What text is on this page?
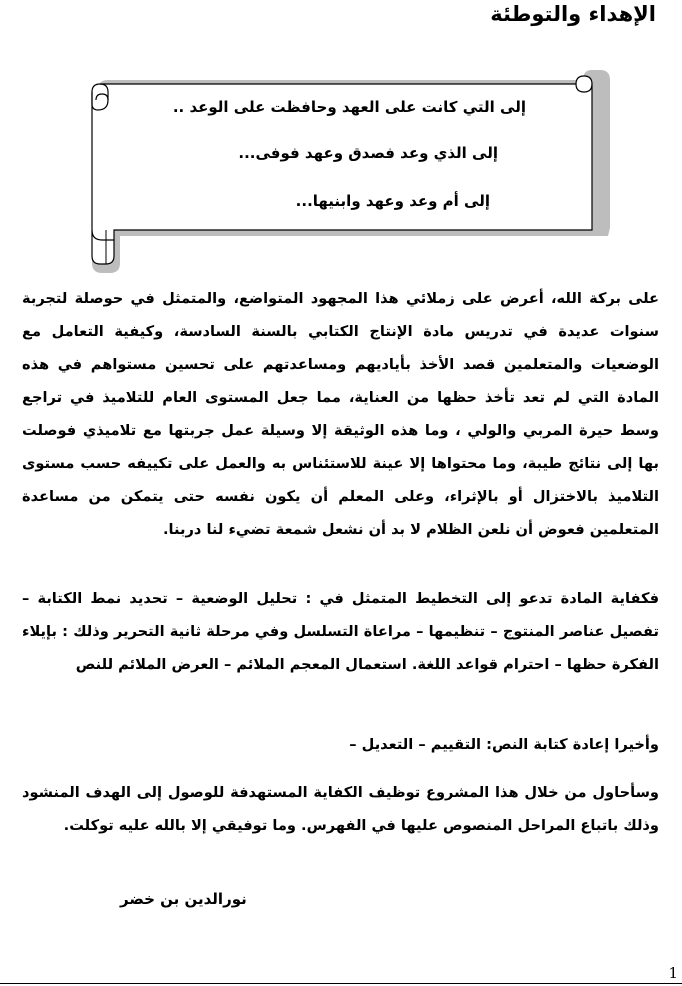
الإهداء والتوطئة
إلى التي كانت على العهد وحافظت على الوعد ..
إلى الذي وعد فصدق وعهد فوفى...
إلى أم وعد وعهد وابنيها...

على بركة الله، أعرض على زملائي هذا المجهود المتواضع، والمتمثل في حوصلة لتجربة سنوات عديدة في تدريس مادة الإنتاج الكتابي بالسنة السادسة، وكيفية التعامل مع الوضعيات والمتعلمين قصد الأخذ بأياديهم ومساعدتهم على تحسين مستواهم في هذه المادة التي لم تعد تأخذ حظها من العناية، مما جعل المستوى العام للتلاميذ في تراجع وسط حيرة المربي والولي ، وما هذه الوثيقة إلا وسيلة عمل جربتها مع تلاميذي فوصلت بها إلى نتائج طيبة، وما محتواها إلا عينة للاستئناس به والعمل على تكييفه حسب مستوى التلاميذ بالاختزال أو بالإثراء، وعلى المعلم أن يكون نفسه حتى يتمكن من مساعدة المتعلمين فعوض أن نلعن الظلام لا بد أن نشعل شمعة تضيء لنا دربنا.

فكفاية المادة تدعو إلى التخطيط المتمثل في : تحليل الوضعية – تحديد نمط الكتابة – تفصيل عناصر المنتوج – تنظيمها – مراعاة التسلسل وفي مرحلة ثانية التحرير وذلك : بإيلاء الفكرة حظها – احترام قواعد اللغة. استعمال المعجم الملائم – العرض الملائم للنص

وأخيرا إعادة كتابة النص: التقييم – التعديل –

وسأحاول من خلال هذا المشروع توظيف الكفاية المستهدفة للوصول إلى الهدف المنشود وذلك باتباع المراحل المنصوص عليها في الفهرس. وما توفيقي إلا بالله عليه توكلت.

نورالدين بن خضر
1
